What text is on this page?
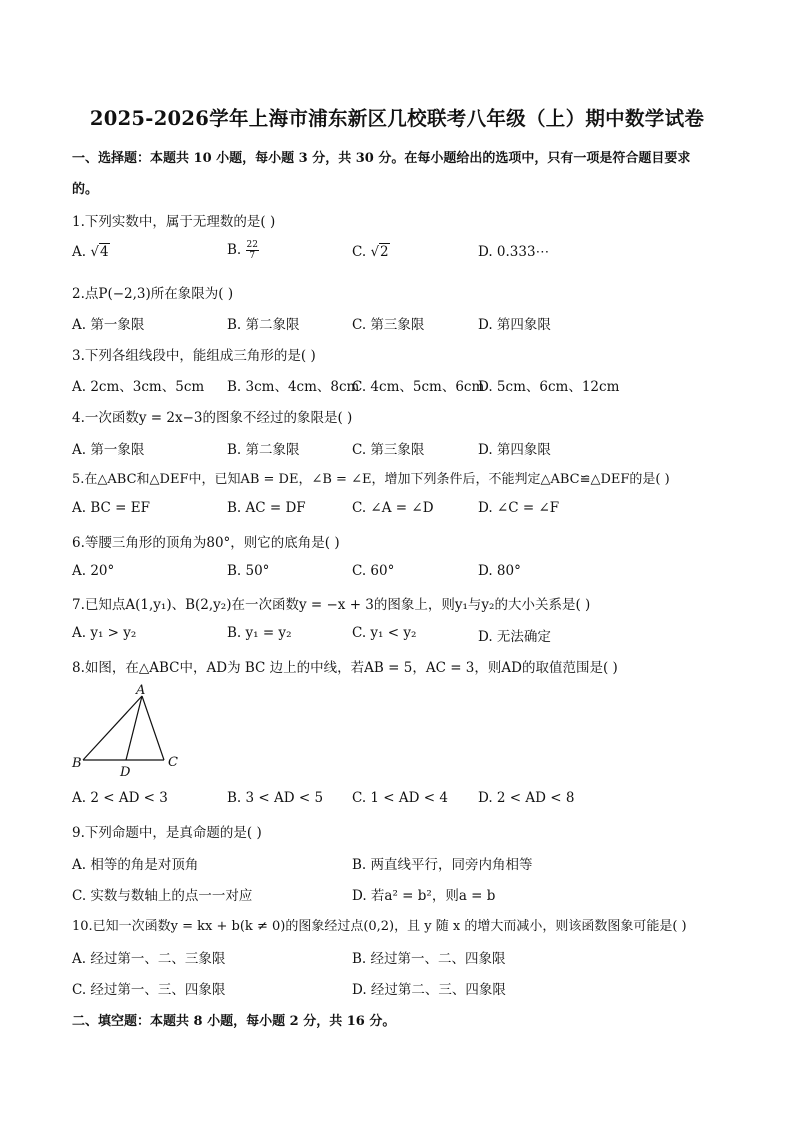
2025-2026学年上海市浦东新区几校联考八年级（上）期中数学试卷
一、选择题：本题共 10 小题，每小题 3 分，共 30 分。在每小题给出的选项中，只有一项是符合题目要求
的。
1.下列实数中，属于无理数的是( )
A. √4	B. $\frac{22}{7}$	C. √2	D. 0.333⋯
2.点P(−2,3)所在象限为( )
A. 第一象限	B. 第二象限	C. 第三象限	D. 第四象限
3.下列各组线段中，能组成三角形的是( )
A. 2cm、3cm、5cm B. 3cm、4cm、8cm
C. 4cm、5cm、6cm
D. 5cm、6cm、12cm
4.一次函数y = 2x−3的图象不经过的象限是( )
A. 第一象限	B. 第二象限	C. 第三象限	D. 第四象限
5.在△ABC和△DEF中，已知AB = DE，∠B = ∠E，增加下列条件后，不能判定△ABC≌△DEF的是( )
A. BC = EF	B. AC = DF	C. ∠A = ∠D	D. ∠C = ∠F
6.等腰三角形的顶角为80°，则它的底角是( )
A. 20°	B. 50°	C. 60°	D. 80°
7.已知点A(1,y₁)、B(2,y₂)在一次函数y = −x + 3的图象上，则y₁与y₂的大小关系是( )
A. y₁ > y₂	B. y₁ = y₂	C. y₁ < y₂	D. 无法确定
8.如图，在△ABC中，AD为 BC 边上的中线，若AB = 5，AC = 3，则AD的取值范围是( )
A
B	C
D
A. 2 < AD < 3	B. 3 < AD < 5 C. 1 < AD < 4 D. 2 < AD < 8
9.下列命题中，是真命题的是( )
A. 相等的角是对顶角	B. 两直线平行，同旁内角相等
C. 实数与数轴上的点一一对应	D. 若a² = b²，则a = b
10.已知一次函数y = kx + b(k ≠ 0)的图象经过点(0,2)，且 y 随 x 的增大而减小，则该函数图象可能是( )
A. 经过第一、二、三象限	B. 经过第一、二、四象限
C. 经过第一、三、四象限	D. 经过第二、三、四象限
二、填空题：本题共 8 小题，每小题 2 分，共 16 分。
